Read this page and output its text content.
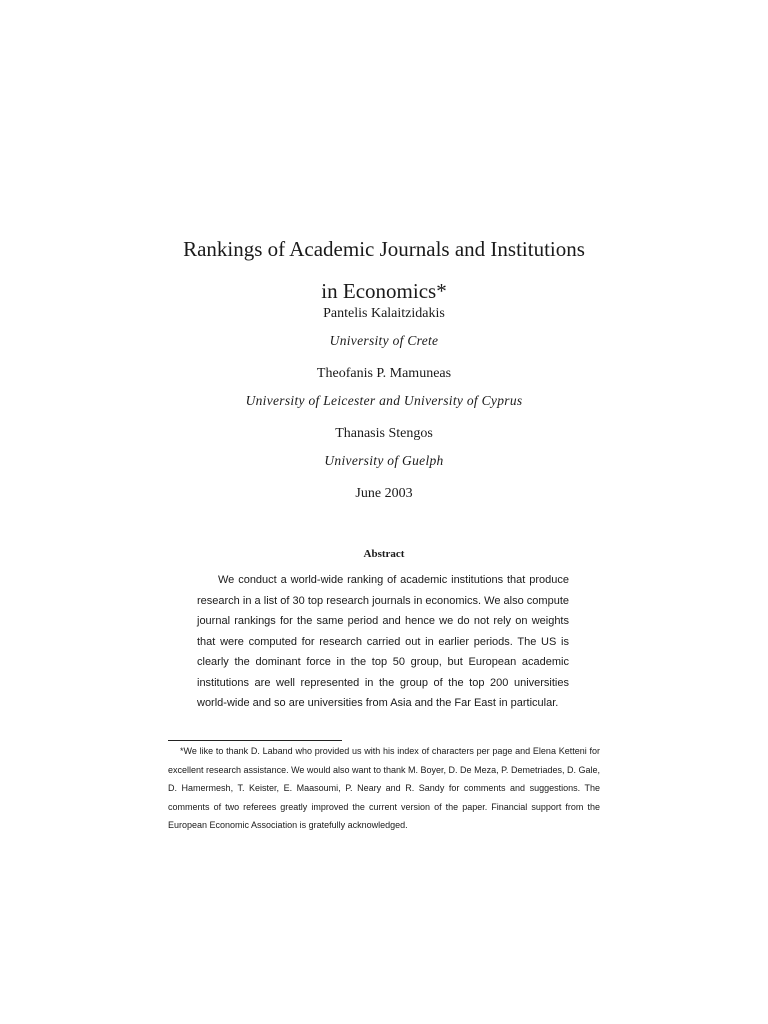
Rankings of Academic Journals and Institutions
in Economics*
Pantelis Kalaitzidakis
University of Crete
Theofanis P. Mamuneas
University of Leicester and University of Cyprus
Thanasis Stengos
University of Guelph
June 2003
Abstract
We conduct a world-wide ranking of academic institutions that produce research in a list of 30 top research journals in economics. We also compute journal rankings for the same period and hence we do not rely on weights that were computed for research carried out in earlier periods. The US is clearly the dominant force in the top 50 group, but European academic institutions are well represented in the group of the top 200 universities world-wide and so are universities from Asia and the Far East in particular.
*We like to thank D. Laband who provided us with his index of characters per page and Elena Ketteni for excellent research assistance. We would also want to thank M. Boyer, D. De Meza, P. Demetriades, D. Gale, D. Hamermesh, T. Keister, E. Maasoumi, P. Neary and R. Sandy for comments and suggestions. The comments of two referees greatly improved the current version of the paper. Financial support from the European Economic Association is gratefully acknowledged.
